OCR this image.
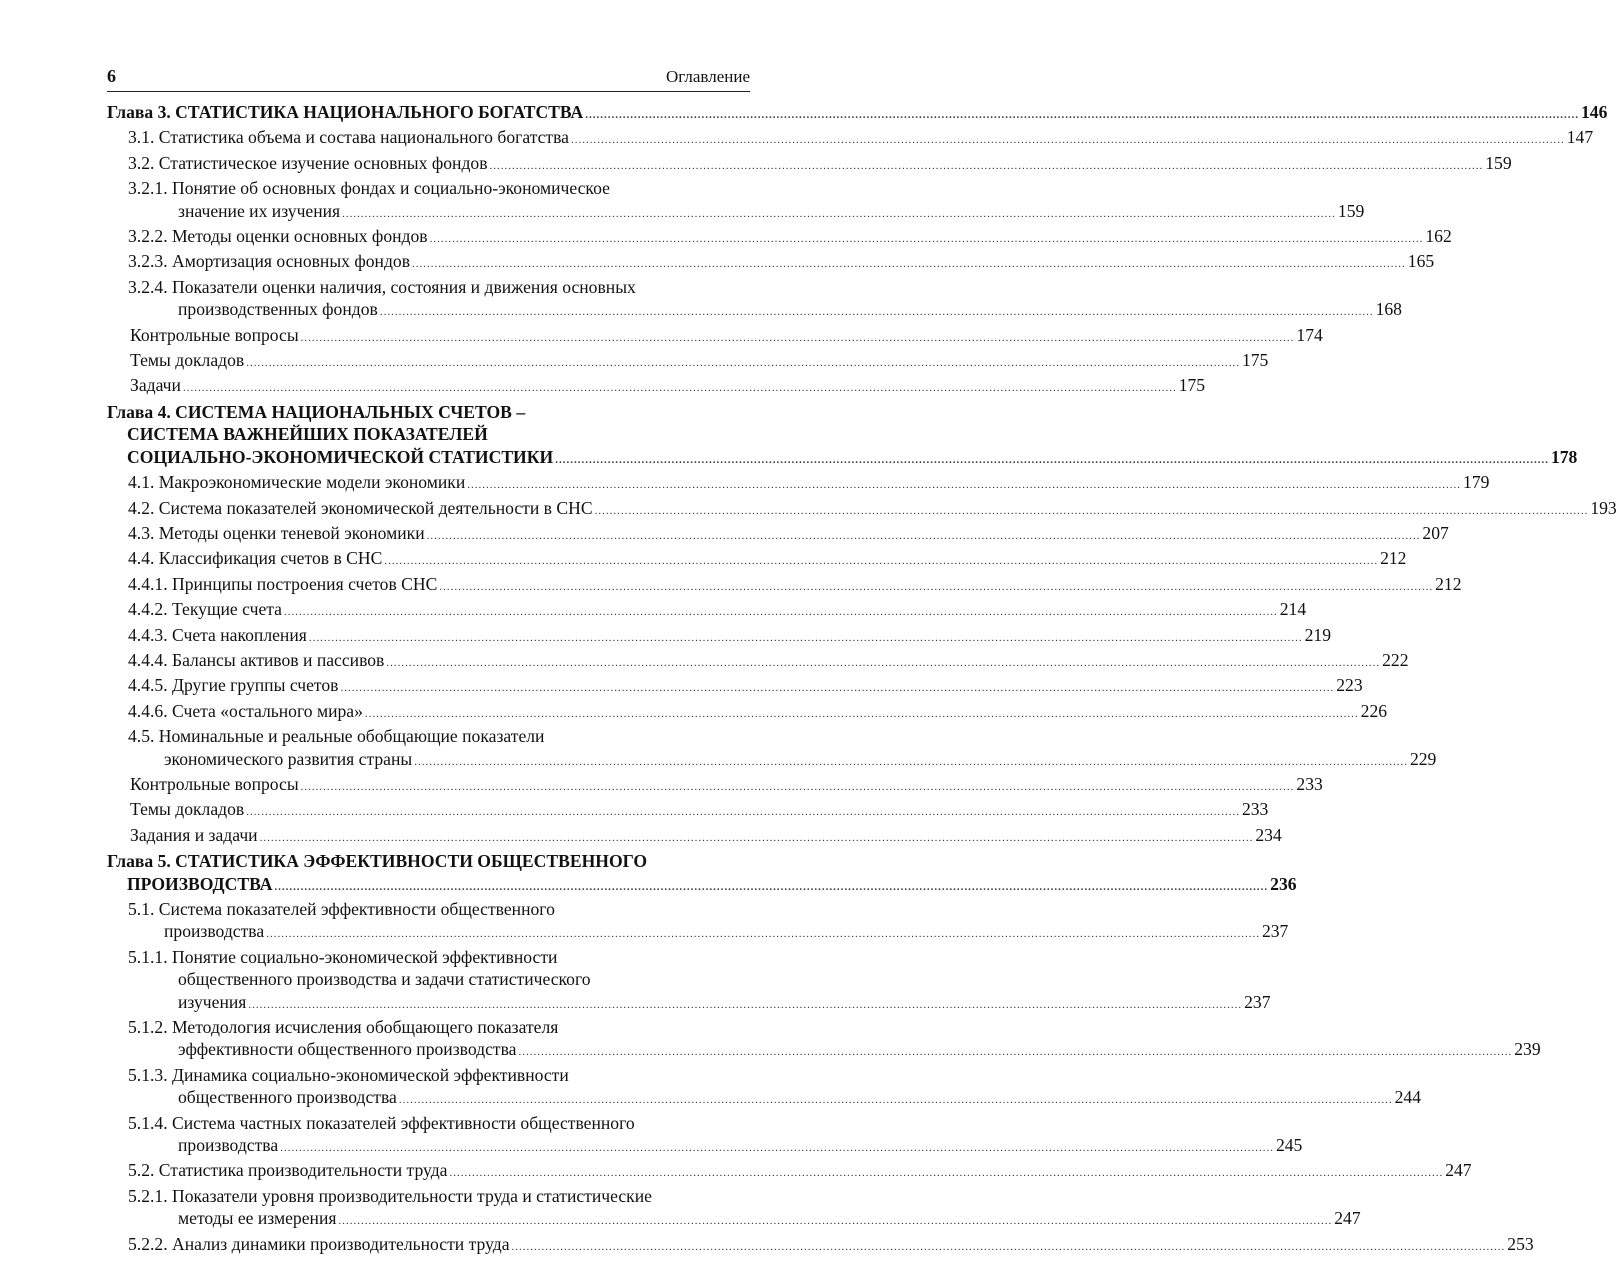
6	Оглавление
Глава 3. СТАТИСТИКА НАЦИОНАЛЬНОГО БОГАТСТВА .....	146
3.1. Статистика объема и состава национального богатства .....	147
3.2. Статистическое изучение основных фондов .....	159
3.2.1. Понятие об основных фондах и социально-экономическое
значение их изучения .....	159
3.2.2. Методы оценки основных фондов .....	162
3.2.3. Амортизация основных фондов .....	165
3.2.4. Показатели оценки наличия, состояния и движения основных
производственных фондов .....	168
Контрольные вопросы .....	174
Темы докладов .....	175
Задачи .....	175
Глава 4. СИСТЕМА НАЦИОНАЛЬНЫХ СЧЕТОВ –
СИСТЕМА ВАЖНЕЙШИХ ПОКАЗАТЕЛЕЙ
СОЦИАЛЬНО-ЭКОНОМИЧЕСКОЙ СТАТИСТИКИ .....	178
4.1. Макроэкономические модели экономики .....	179
4.2. Система показателей экономической деятельности в СНС .....	193
4.3. Методы оценки теневой экономики .....	207
4.4. Классификация счетов в СНС .....	212
4.4.1. Принципы построения счетов СНС .....	212
4.4.2. Текущие счета .....	214
4.4.3. Счета накопления .....	219
4.4.4. Балансы активов и пассивов .....	222
4.4.5. Другие группы счетов .....	223
4.4.6. Счета «остального мира» .....	226
4.5. Номинальные и реальные обобщающие показатели
экономического развития страны .....	229
Контрольные вопросы .....	233
Темы докладов .....	233
Задания и задачи .....	234
Глава 5. СТАТИСТИКА ЭФФЕКТИВНОСТИ ОБЩЕСТВЕННОГО
ПРОИЗВОДСТВА .....	236
5.1. Система показателей эффективности общественного
производства .....	237
5.1.1. Понятие социально-экономической эффективности
общественного производства и задачи статистического
изучения .....	237
5.1.2. Методология исчисления обобщающего показателя
эффективности общественного производства .....	239
5.1.3. Динамика социально-экономической эффективности
общественного производства .....	244
5.1.4. Система частных показателей эффективности общественного
производства .....	245
5.2. Статистика производительности труда .....	247
5.2.1. Показатели уровня производительности труда и статистические
методы ее измерения .....	247
5.2.2. Анализ динамики производительности труда .....	253
